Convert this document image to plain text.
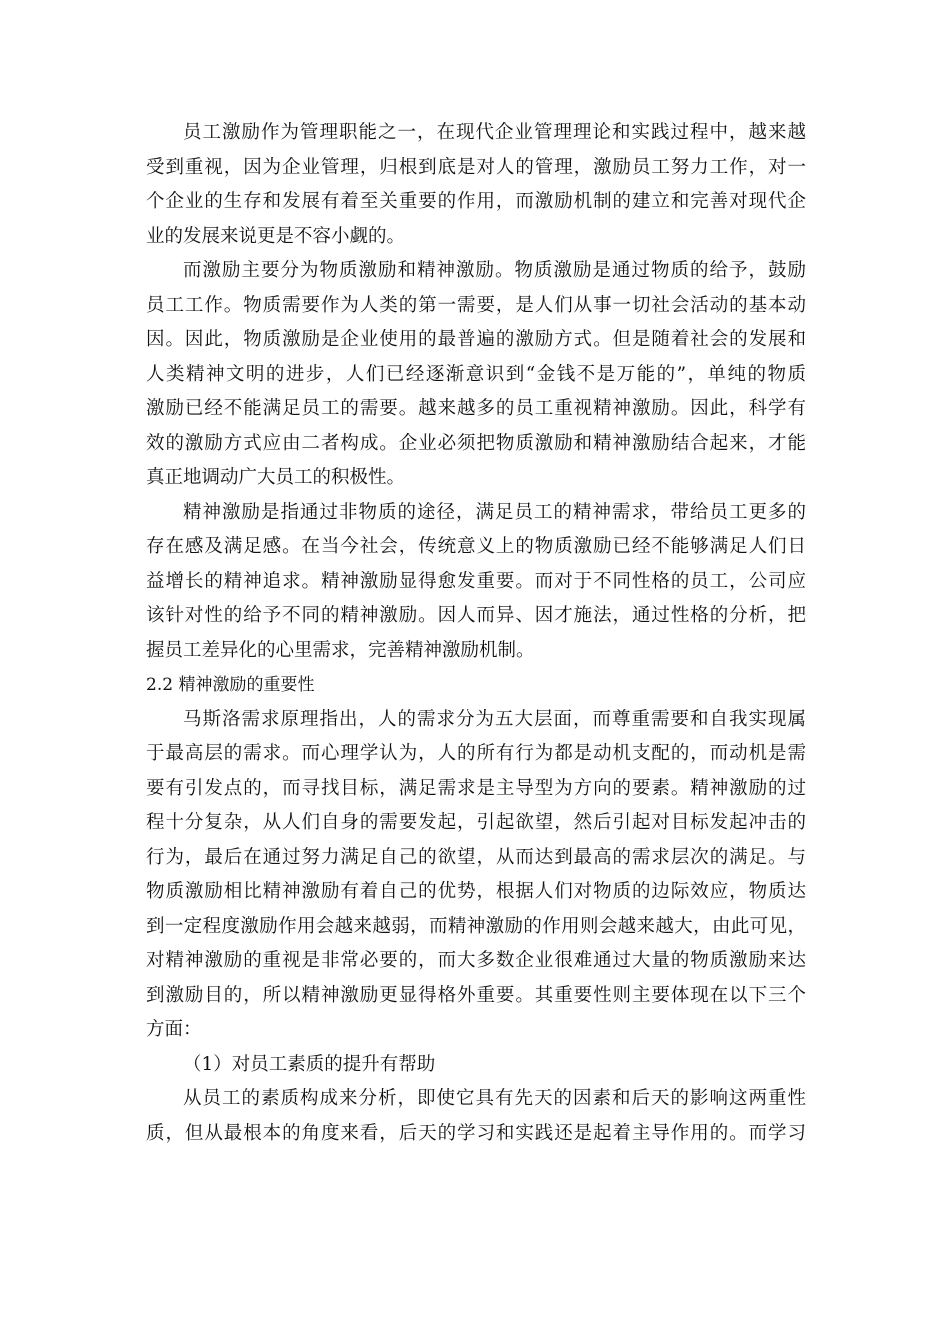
员工激励作为管理职能之一，在现代企业管理理论和实践过程中，越来越
受到重视，因为企业管理，归根到底是对人的管理，激励员工努力工作，对一
个企业的生存和发展有着至关重要的作用，而激励机制的建立和完善对现代企
业的发展来说更是不容小觑的。
而激励主要分为物质激励和精神激励。物质激励是通过物质的给予，鼓励
员工工作。物质需要作为人类的第一需要，是人们从事一切社会活动的基本动
因。因此，物质激励是企业使用的最普遍的激励方式。但是随着社会的发展和
人类精神文明的进步，人们已经逐渐意识到“金钱不是万能的”，单纯的物质
激励已经不能满足员工的需要。越来越多的员工重视精神激励。因此，科学有
效的激励方式应由二者构成。企业必须把物质激励和精神激励结合起来，才能
真正地调动广大员工的积极性。
精神激励是指通过非物质的途径，满足员工的精神需求，带给员工更多的
存在感及满足感。在当今社会，传统意义上的物质激励已经不能够满足人们日
益增长的精神追求。精神激励显得愈发重要。而对于不同性格的员工，公司应
该针对性的给予不同的精神激励。因人而异、因才施法，通过性格的分析，把
握员工差异化的心里需求，完善精神激励机制。
2.2 精神激励的重要性
马斯洛需求原理指出，人的需求分为五大层面，而尊重需要和自我实现属
于最高层的需求。而心理学认为，人的所有行为都是动机支配的，而动机是需
要有引发点的，而寻找目标，满足需求是主导型为方向的要素。精神激励的过
程十分复杂，从人们自身的需要发起，引起欲望，然后引起对目标发起冲击的
行为，最后在通过努力满足自己的欲望，从而达到最高的需求层次的满足。与
物质激励相比精神激励有着自己的优势，根据人们对物质的边际效应，物质达
到一定程度激励作用会越来越弱，而精神激励的作用则会越来越大，由此可见，
对精神激励的重视是非常必要的，而大多数企业很难通过大量的物质激励来达
到激励目的，所以精神激励更显得格外重要。其重要性则主要体现在以下三个
方面：
（1）对员工素质的提升有帮助
从员工的素质构成来分析，即使它具有先天的因素和后天的影响这两重性
质，但从最根本的角度来看，后天的学习和实践还是起着主导作用的。而学习
